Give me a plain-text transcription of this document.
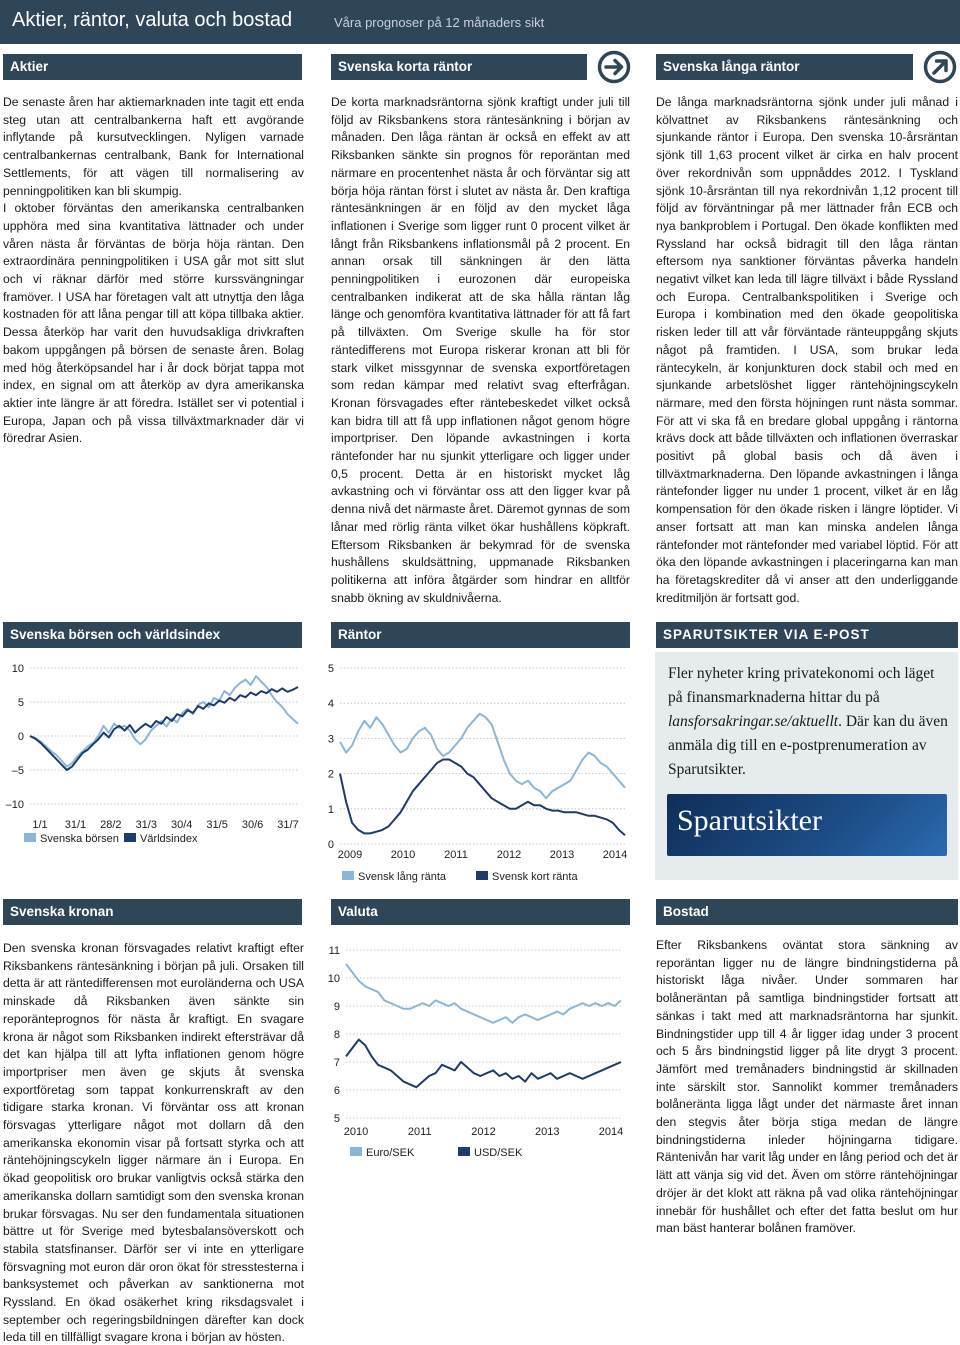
Aktier, räntor, valuta och bostad	Våra prognoser på 12 månaders sikt
Aktier	Svenska korta räntor	Svenska långa räntor

De senaste åren har aktiemarknaden inte tagit ett enda steg utan att centralbankerna haft ett avgörande inflytande på kursutvecklingen. Nyligen varnade centralbankernas centralbank, Bank for International Settlements, för att vägen till normalisering av penningpolitiken kan bli skumpig.

I oktober förväntas den amerikanska centralbanken upphöra med sina kvantitativa lättnader och under våren nästa år förväntas de börja höja räntan. Den extraordinära penningpolitiken i USA går mot sitt slut och vi räknar därför med större kurssvängningar framöver. I USA har företagen valt att utnyttja den låga kostnaden för att låna pengar till att köpa tillbaka aktier. Dessa återköp har varit den huvudsakliga drivkraften bakom uppgången på börsen de senaste åren. Bolag med hög återköpsandel har i år dock börjat tappa mot index, en signal om att återköp av dyra amerikanska aktier inte längre är att föredra. Istället ser vi potential i Europa, Japan och på vissa tillväxtmarknader där vi föredrar Asien.

De korta marknadsräntorna sjönk kraftigt under juli till följd av Riksbankens stora räntesänkning i början av månaden. Den låga räntan är också en effekt av att Riksbanken sänkte sin prognos för reporäntan med närmare en procentenhet nästa år och förväntar sig att börja höja räntan först i slutet av nästa år. Den kraftiga räntesänkningen är en följd av den mycket låga inflationen i Sverige som ligger runt 0 procent vilket är långt från Riksbankens inflationsmål på 2 procent. En annan orsak till sänkningen är den lätta penningpolitiken i eurozonen där europeiska centralbanken indikerat att de ska hålla räntan låg länge och genomföra kvantitativa lättnader för att få fart på tillväxten. Om Sverige skulle ha för stor räntedifferens mot Europa riskerar kronan att bli för stark vilket missgynnar de svenska exportföretagen som redan kämpar med relativt svag efterfrågan. Kronan försvagades efter räntebeskedet vilket också kan bidra till att få upp inflationen något genom högre importpriser. Den löpande avkastningen i korta räntefonder har nu sjunkit ytterligare och ligger under 0,5 procent. Detta är en historiskt mycket låg avkastning och vi förväntar oss att den ligger kvar på denna nivå det närmaste året. Däremot gynnas de som lånar med rörlig ränta vilket ökar hushållens köpkraft. Eftersom Riksbanken är bekymrad för de svenska hushållens skuldsättning, uppmanade Riksbanken politikerna att införa åtgärder som hindrar en alltför snabb ökning av skuldnivåerna.

De långa marknadsräntorna sjönk under juli månad i kölvattnet av Riksbankens räntesänkning och sjunkande räntor i Europa. Den svenska 10-årsräntan sjönk till 1,63 procent vilket är cirka en halv procent över rekordnivån som uppnåddes 2012. I Tyskland sjönk 10-årsräntan till nya rekordnivån 1,12 procent till följd av förväntningar på mer lättnader från ECB och nya bankproblem i Portugal. Den ökade konflikten med Ryssland har också bidragit till den låga räntan eftersom nya sanktioner förväntas påverka handeln negativt vilket kan leda till lägre tillväxt i både Ryssland och Europa. Centralbankspolitiken i Sverige och Europa i kombination med den ökade geopolitiska risken leder till att vår förväntade ränteuppgång skjuts något på framtiden. I USA, som brukar leda räntecykeln, är konjunkturen dock stabil och med en sjunkande arbetslöshet ligger räntehöjningscykeln närmare, med den första höjningen runt nästa sommar. För att vi ska få en bredare global uppgång i räntorna krävs dock att både tillväxten och inflationen överraskar positivt på global basis och då även i tillväxtmarknaderna. Den löpande avkastningen i långa räntefonder ligger nu under 1 procent, vilket är en låg kompensation för den ökade risken i längre löptider. Vi anser fortsatt att man kan minska andelen långa räntefonder mot räntefonder med variabel löptid. För att öka den löpande avkastningen i placeringarna kan man ha företagskrediter då vi anser att den underliggande kreditmiljön är fortsatt god.

Svenska börsen och världsindex	Räntor	SPARUTSIKTER VIA E-POST
10
5
0
–5
–10
1/1 31/1 28/2 31/3 30/4 31/5 30/6 31/7
Svenska börsen Världsindex
5
4
3
2
1
0
2009	2010	2011	2012	2013	2014
Svensk lång ränta	Svensk kort ränta
Fler nyheter kring privatekonomi och läget på finansmarknaderna hittar du på lansforsakringar.se/aktuellt. Där kan du även anmäla dig till en e-postprenumeration av Sparutsikter.
Sparutsikter
Svenska kronan	Valuta	Bostad

Den svenska kronan försvagades relativt kraftigt efter Riksbankens räntesänkning i början på juli. Orsaken till detta är att räntedifferensen mot euroländerna och USA minskade då Riksbanken även sänkte sin reporänteprognos för nästa år kraftigt. En svagare krona är något som Riksbanken indirekt eftersträvar då det kan hjälpa till att lyfta inflationen genom högre importpriser men även ge skjuts åt svenska exportföretag som tappat konkurrenskraft av den tidigare starka kronan. Vi förväntar oss att kronan försvagas ytterligare något mot dollarn då den amerikanska ekonomin visar på fortsatt styrka och att räntehöjningscykeln ligger närmare än i Europa. En ökad geopolitisk oro brukar vanligtvis också stärka den amerikanska dollarn samtidigt som den svenska kronan brukar försvagas. Nu ser den fundamentala situationen bättre ut för Sverige med bytesbalansöverskott och stabila statsfinanser. Därför ser vi inte en ytterligare försvagning mot euron där oron ökat för stresstesterna i banksystemet och påverkan av sanktionerna mot Ryssland. En ökad osäkerhet kring riksdagsvalet i september och regeringsbildningen därefter kan dock leda till en tillfälligt svagare krona i början av hösten.

11
10
9
8
7
6
5
2010	2011	2012	2013	2014
Euro/SEK	USD/SEK

Efter Riksbankens oväntat stora sänkning av reporäntan ligger nu de längre bindningstiderna på historiskt låga nivåer. Under sommaren har bolåneräntan på samtliga bindningstider fortsatt att sänkas i takt med att marknadsräntorna har sjunkit. Bindningstider upp till 4 år ligger idag under 3 procent och 5 års bindningstid ligger på lite drygt 3 procent. Jämfört med tremånaders bindningstid är skillnaden inte särskilt stor. Sannolikt kommer tremånaders bolåneränta ligga lågt under det närmaste året innan den stegvis åter börja stiga medan de längre bindningstiderna inleder höjningarna tidigare. Räntenivån har varit låg under en lång period och det är lätt att vänja sig vid det. Även om större räntehöjningar dröjer är det klokt att räkna på vad olika räntehöjningar innebär för hushållet och efter det fatta beslut om hur man bäst hanterar bolånen framöver.
